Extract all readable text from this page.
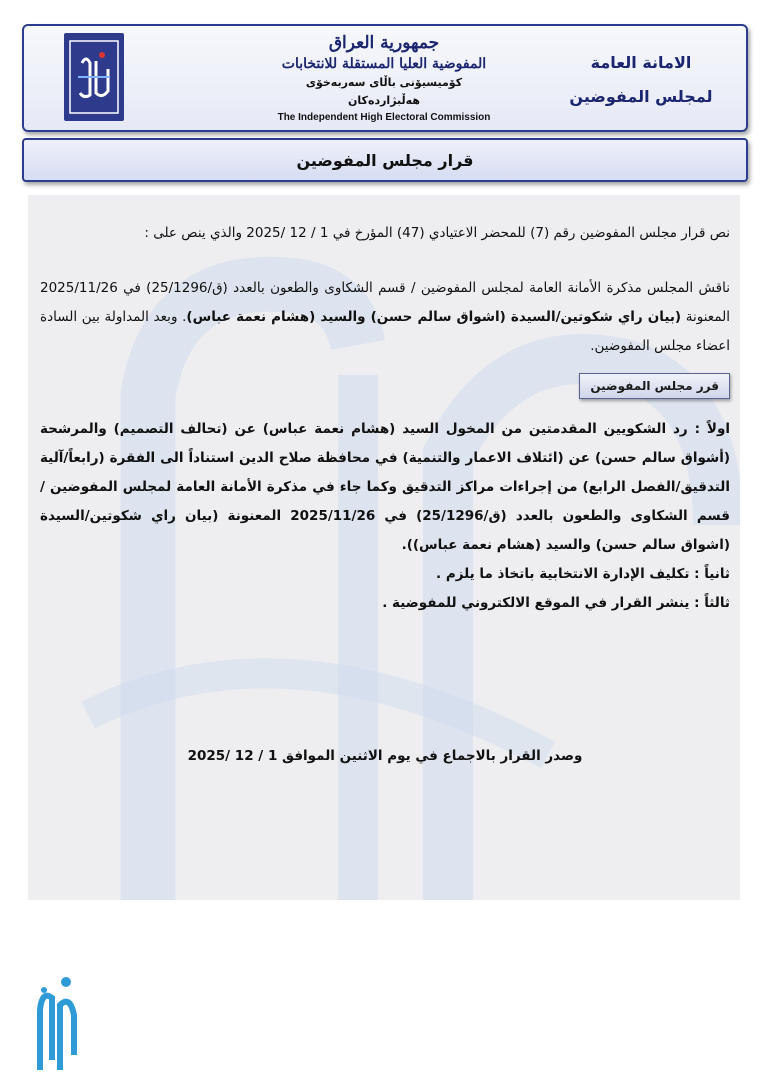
جمهورية العراق
المفوضية العليا المستقلة للانتخابات
كۆمیسیۆنی باڵای سەربەخۆی هەڵبژاردەکان
The Independent High Electoral Commission
الامانة العامة
لمجلس المفوضين
قرار مجلس المفوضين

نص قرار مجلس المفوضين رقم (7) للمحضر الاعتيادي (47) المؤرخ في 1 / 12 /2025 والذي ينص على :

ناقش المجلس مذكرة الأمانة العامة لمجلس المفوضين / قسم الشكاوى والطعون بالعدد (ق/25/1296) في 2025/11/26 المعنونة (بيان راي شكوتين/السيدة (اشواق سالم حسن) والسيد (هشام نعمة عباس). وبعد المداولة بين السادة اعضاء مجلس المفوضين.

قرر مجلس المفوضين

اولاً : رد الشكويين المقدمتين من المخول السيد (هشام نعمة عباس) عن (تحالف التصميم) والمرشحة (أشواق سالم حسن) عن (ائتلاف الاعمار والتنمية) في محافظة صلاح الدين استناداً الى الفقرة (رابعاً/آلية التدقيق/الفصل الرابع) من إجراءات مراكز التدقيق وكما جاء في مذكرة الأمانة العامة لمجلس المفوضين / قسم الشكاوى والطعون بالعدد (ق/25/1296) في 2025/11/26 المعنونة (بيان راي شكوتين/السيدة (اشواق سالم حسن) والسيد (هشام نعمة عباس)).

ثانياً : تكليف الإدارة الانتخابية باتخاذ ما يلزم .

ثالثاً : ينشر القرار في الموقع الالكتروني للمفوضية .

وصدر القرار بالاجماع في يوم الاثنين الموافق 1 / 12 /2025
